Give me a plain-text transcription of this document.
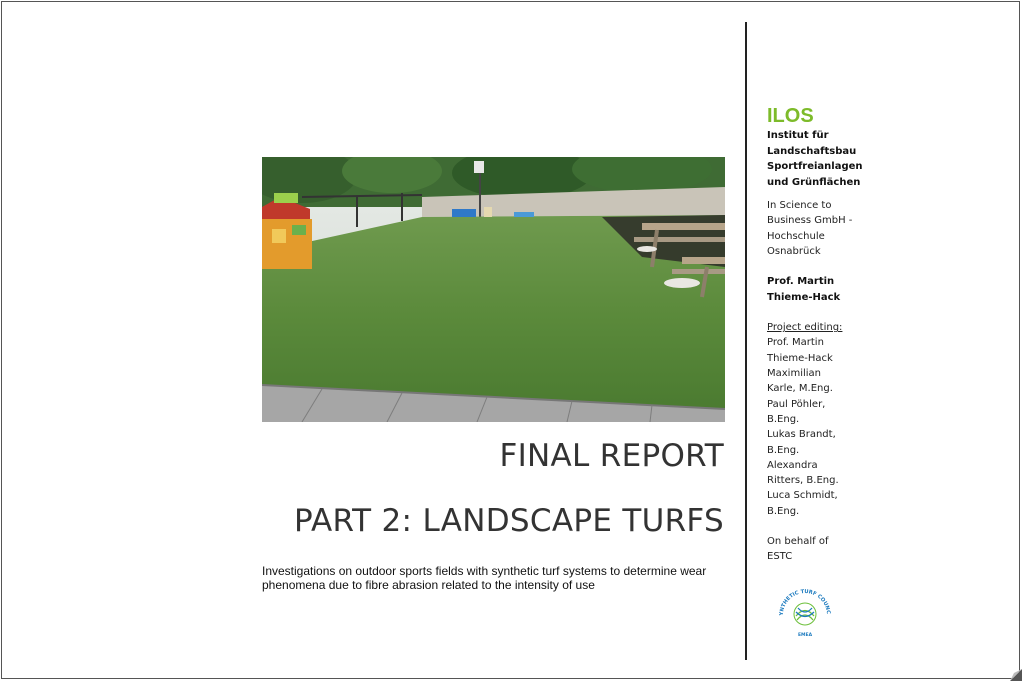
FINAL REPORT
PART 2: LANDSCAPE TURFS
Investigations on outdoor sports fields with synthetic turf systems to determine wear phenomena due to fibre abrasion related to the intensity of use
ILOS
Institut für
Landschaftsbau
Sportfreianlagen
und Grünflächen
In Science to
Business GmbH -
Hochschule
Osnabrück
Prof. Martin
Thieme-Hack
Project editing:
Prof. Martin
Thieme-Hack
Maximilian
Karle, M.Eng.
Paul Pöhler,
B.Eng.
Lukas Brandt,
B.Eng.
Alexandra
Ritters, B.Eng.
Luca Schmidt,
B.Eng.
On behalf of
ESTC
YNTHETIC TURF COUNC
EMEA
